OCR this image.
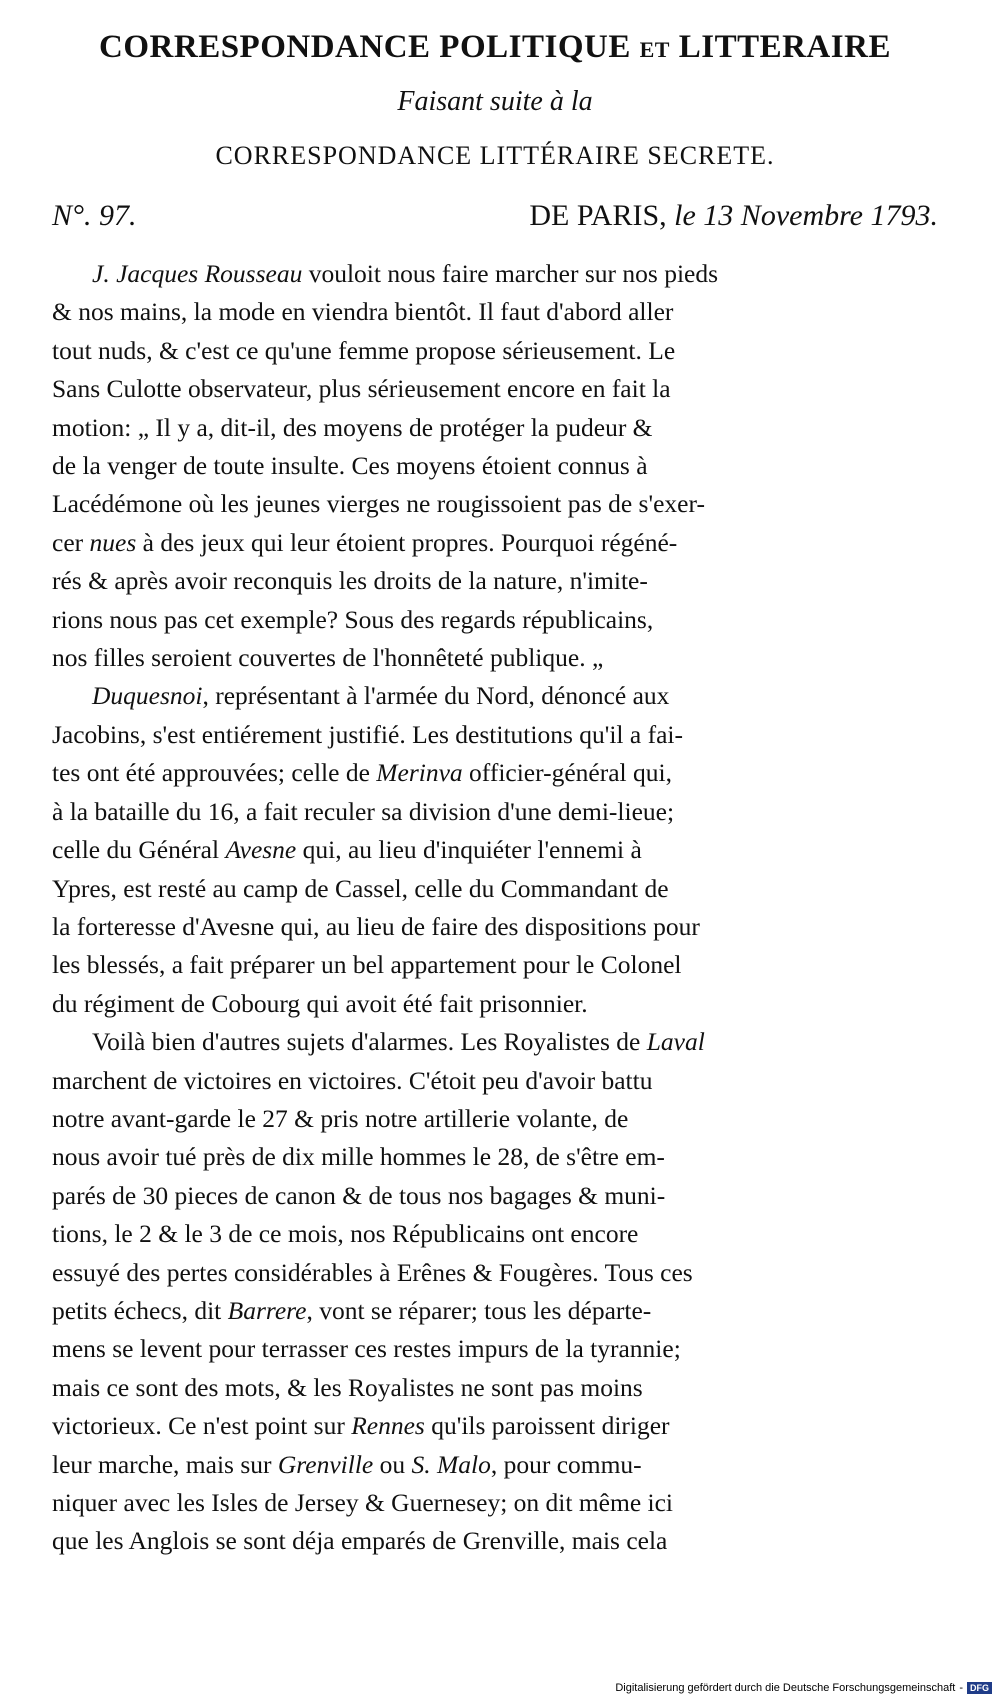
CORRESPONDANCE POLITIQUE ET LITTERAIRE

Faisant suite à la

CORRESPONDANCE LITTÉRAIRE SECRETE.

N°. 97.	DE PARIS, le 13 Novembre 1793.
J. Jacques Rousseau vouloit nous faire marcher sur nos pieds
& nos mains, la mode en viendra bientôt. Il faut d'abord aller
tout nuds, & c'est ce qu'une femme propose sérieusement. Le
Sans Culotte observateur, plus sérieusement encore en fait la
motion: „ Il y a, dit-il, des moyens de protéger la pudeur &
de la venger de toute insulte. Ces moyens étoient connus à
Lacédémone où les jeunes vierges ne rougissoient pas de s'exer-
cer nues à des jeux qui leur étoient propres. Pourquoi régéné-
rés & après avoir reconquis les droits de la nature, n'imite-
rions nous pas cet exemple? Sous des regards républicains,
nos filles seroient couvertes de l'honnêteté publique. „
Duquesnoi, représentant à l'armée du Nord, dénoncé aux
Jacobins, s'est entiérement justifié. Les destitutions qu'il a fai-
tes ont été approuvées; celle de Merinva officier-général qui,
à la bataille du 16, a fait reculer sa division d'une demi-lieue;
celle du Général Avesne qui, au lieu d'inquiéter l'ennemi à
Ypres, est resté au camp de Cassel, celle du Commandant de
la forteresse d'Avesne qui, au lieu de faire des dispositions pour
les blessés, a fait préparer un bel appartement pour le Colonel
du régiment de Cobourg qui avoit été fait prisonnier.
Voilà bien d'autres sujets d'alarmes. Les Royalistes de Laval
marchent de victoires en victoires. C'étoit peu d'avoir battu
notre avant-garde le 27 & pris notre artillerie volante, de
nous avoir tué près de dix mille hommes le 28, de s'être em-
parés de 30 pieces de canon & de tous nos bagages & muni-
tions, le 2 & le 3 de ce mois, nos Républicains ont encore
essuyé des pertes considérables à Erênes & Fougères. Tous ces
petits échecs, dit Barrere, vont se réparer; tous les départe-
mens se levent pour terrasser ces restes impurs de la tyrannie;
mais ce sont des mots, & les Royalistes ne sont pas moins
victorieux. Ce n'est point sur Rennes qu'ils paroissent diriger
leur marche, mais sur Grenville ou S. Malo, pour commu-
niquer avec les Isles de Jersey & Guernesey; on dit même ici
que les Anglois se sont déja emparés de Grenville, mais cela
Digitalisierung gefördert durch die Deutsche Forschungsgemeinschaft - DFG
